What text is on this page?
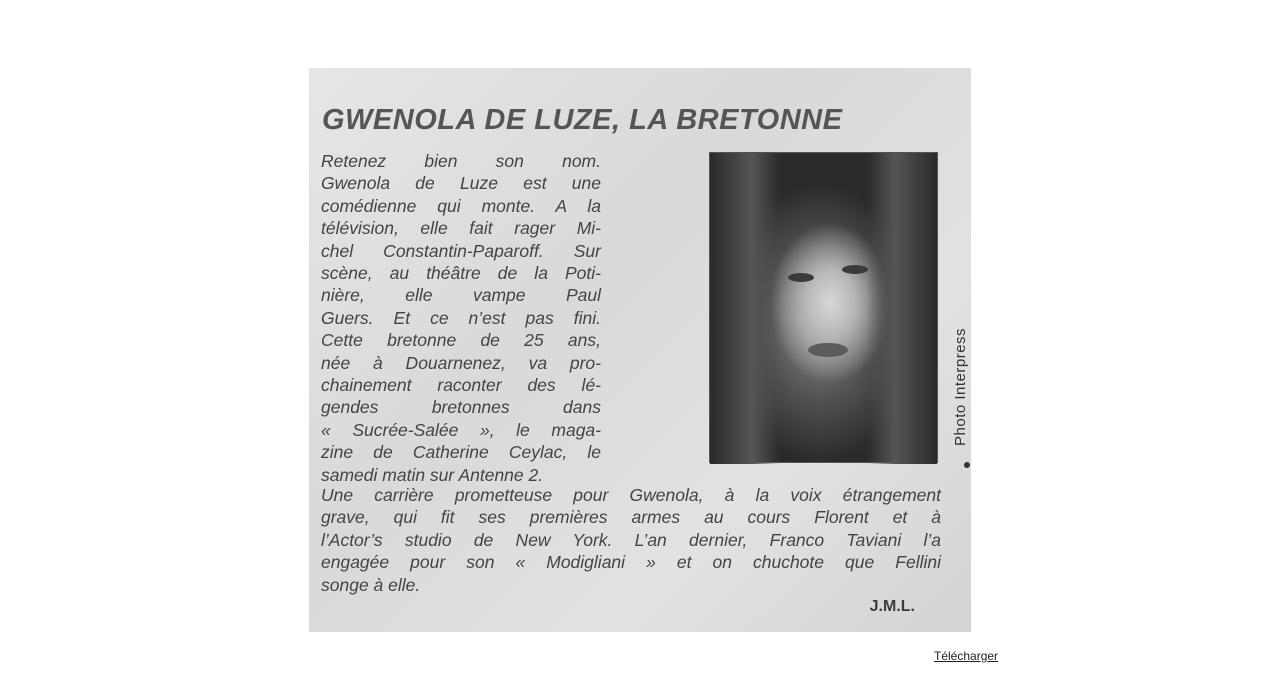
GWENOLA DE LUZE, LA BRETONNE
Retenez bien son nom.
Gwenola de Luze est une
comédienne qui monte. A la
télévision, elle fait rager Mi-
chel Constantin-Paparoff. Sur
scène, au théâtre de la Poti-
nière, elle vampe Paul
Guers. Et ce n’est pas fini.
Cette bretonne de 25 ans,
née à Douarnenez, va pro-
chainement raconter des lé-
gendes bretonnes dans
« Sucrée-Salée », le maga-
zine de Catherine Ceylac, le
samedi matin sur Antenne 2.
Photo Interpress
Une carrière prometteuse pour Gwenola, à la voix étrangement
grave, qui fit ses premières armes au cours Florent et à
l’Actor’s studio de New York. L’an dernier, Franco Taviani l’a
engagée pour son « Modigliani » et on chuchote que Fellini
songe à elle.
J.M.L.
Télécharger
